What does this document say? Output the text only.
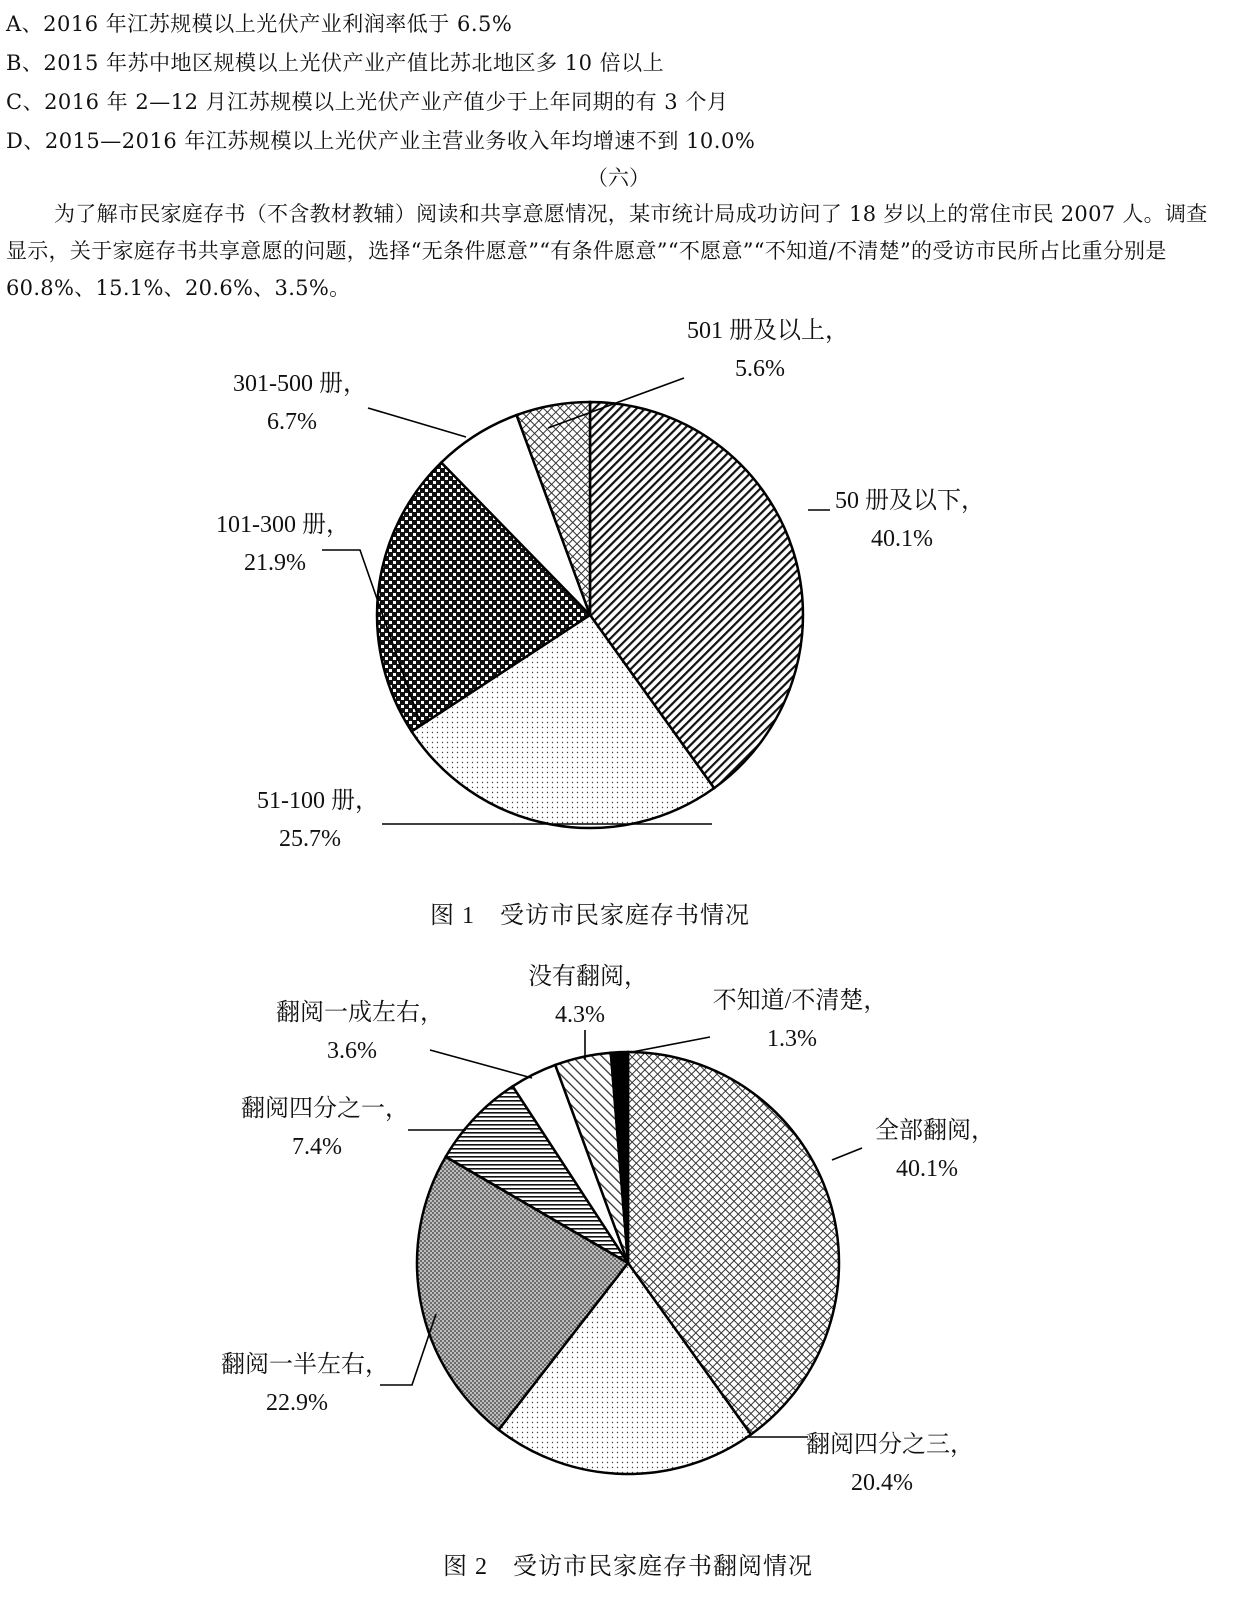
A、2016 年江苏规模以上光伏产业利润率低于 6.5%
B、2015 年苏中地区规模以上光伏产业产值比苏北地区多 10 倍以上
C、2016 年 2—12 月江苏规模以上光伏产业产值少于上年同期的有 3 个月
D、2015—2016 年江苏规模以上光伏产业主营业务收入年均增速不到 10.0%
（六）
为了解市民家庭存书（不含教材教辅）阅读和共享意愿情况，某市统计局成功访问了 18 岁以上的常住市民 2007 人。调查显示，关于家庭存书共享意愿的问题，选择“无条件愿意”“有条件愿意”“不愿意”“不知道/不清楚”的受访市民所占比重分别是 60.8%、15.1%、20.6%、3.5%。
50 册及以下，
40.1%
51-100 册，
25.7%
101-300 册，
21.9%
301-500 册，
6.7%
501 册及以上，
5.6%
全部翻阅，
40.1%
翻阅四分之三，
20.4%
翻阅一半左右，
22.9%
翻阅四分之一，
7.4%
翻阅一成左右，
3.6%
没有翻阅，
4.3%
不知道/不清楚，
1.3%
图 1　受访市民家庭存书情况
图 2　受访市民家庭存书翻阅情况
